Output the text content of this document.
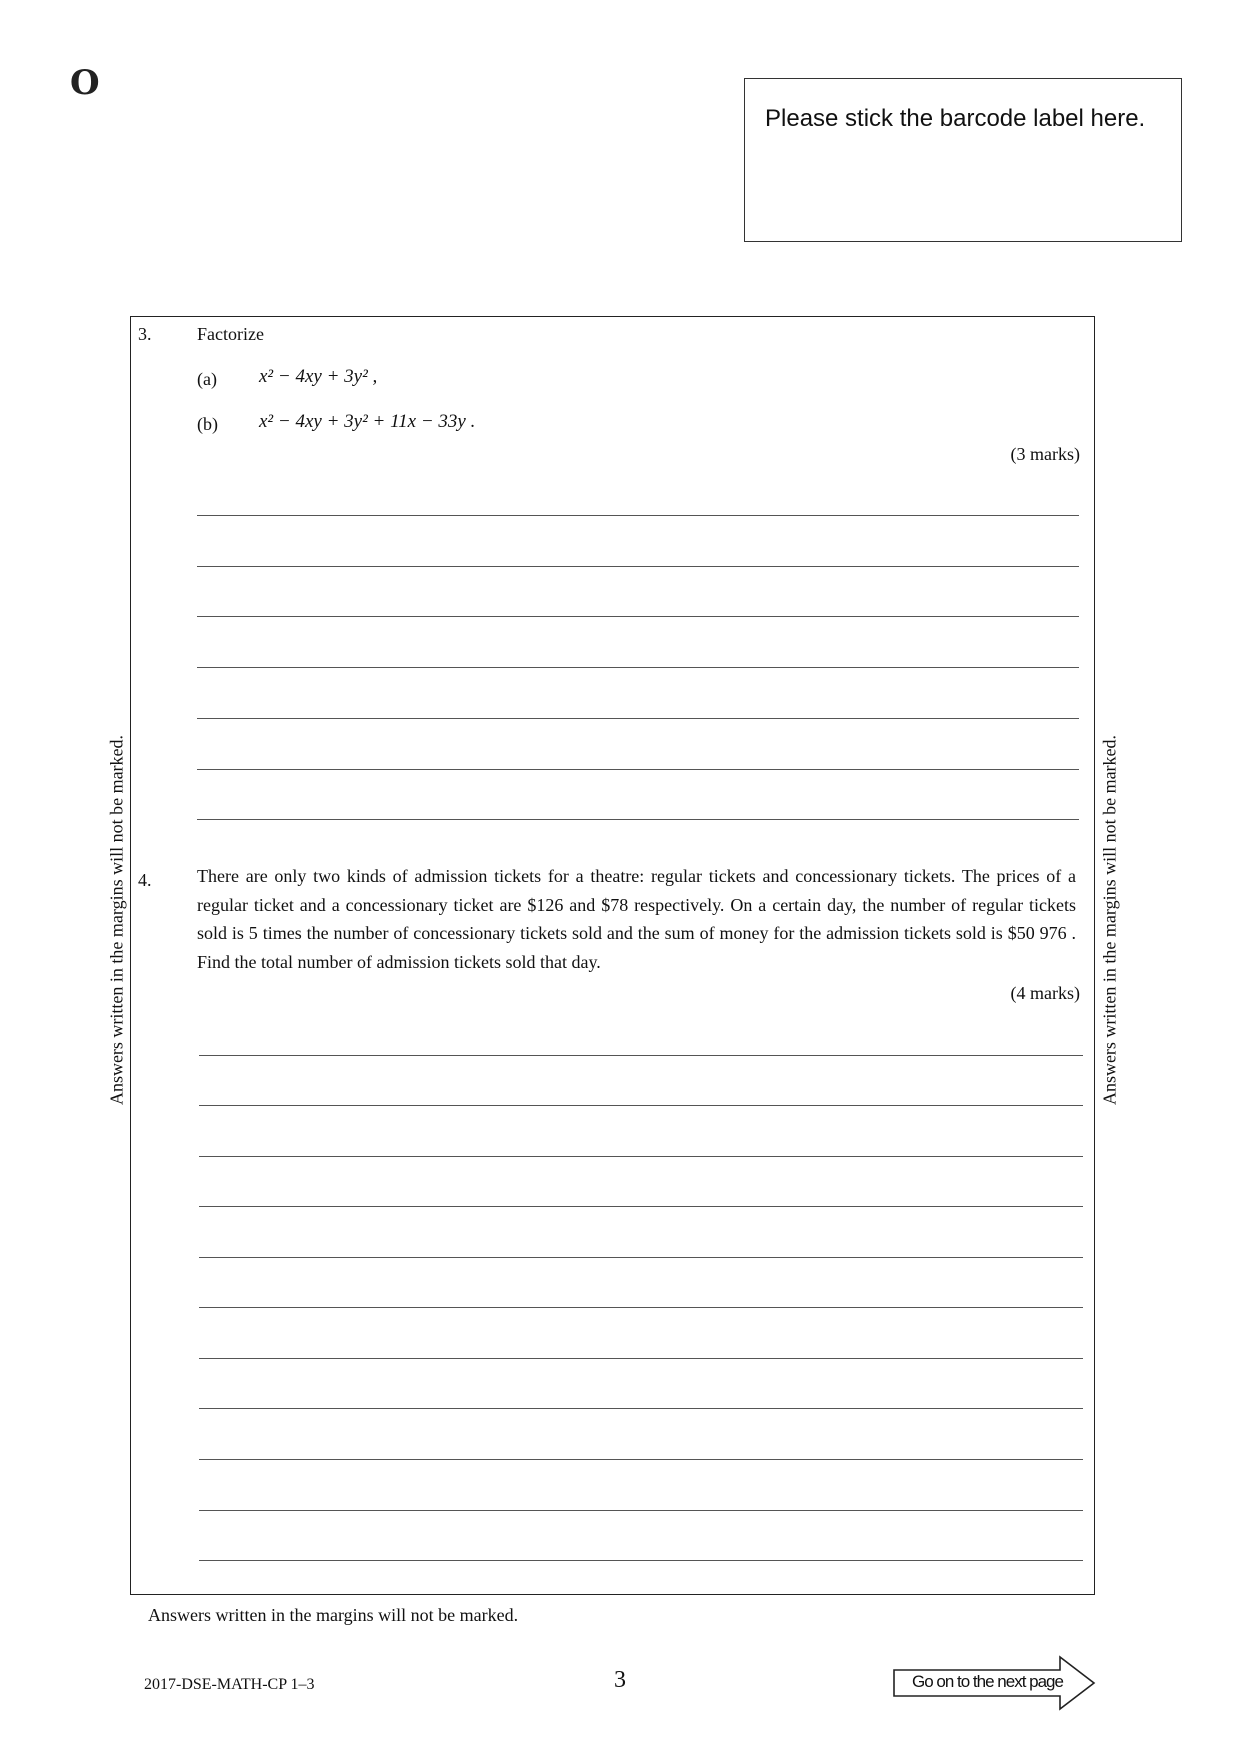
O
Please stick the barcode label here.
Answers written in the margins will not be marked.	Answers written in the margins will not be marked.
3.	Factorize
(a) x² − 4xy + 3y² ,
(b) x² − 4xy + 3y² + 11x − 33y .
(3 marks)
4.	There are only two kinds of admission tickets for a theatre: regular tickets and concessionary tickets. The prices of a regular ticket and a concessionary ticket are $126 and $78 respectively. On a certain day, the number of regular tickets sold is 5 times the number of concessionary tickets sold and the sum of money for the admission tickets sold is $50 976 . Find the total number of admission tickets sold that day.
(4 marks)
Answers written in the margins will not be marked.
2017-DSE-MATH-CP 1–3	3	Go on to the next page
